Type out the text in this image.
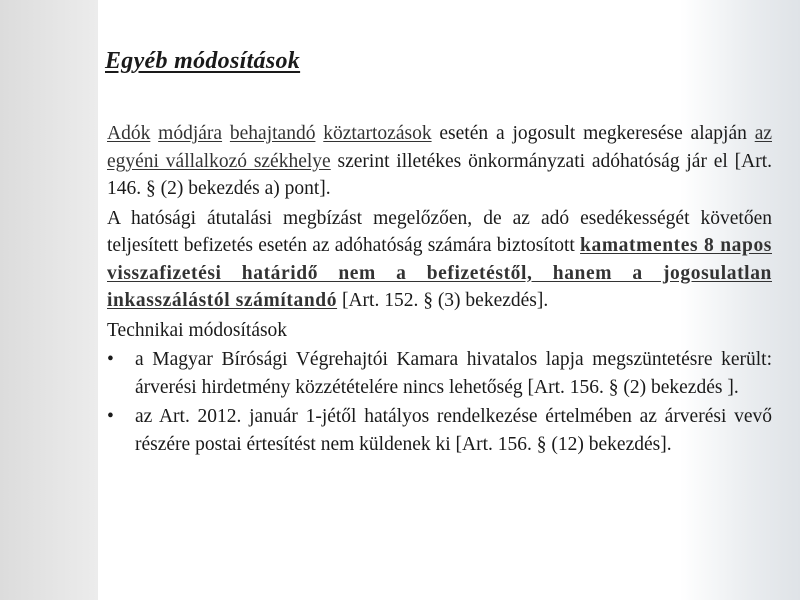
Egyéb módosítások

Adók módjára behajtandó köztartozások esetén a jogosult megkeresése alapján az egyéni vállalkozó székhelye szerint illetékes önkormányzati adóhatóság jár el [Art. 146. § (2) bekezdés a) pont].

A hatósági átutalási megbízást megelőzően, de az adó esedékességét követően teljesített befizetés esetén az adóhatóság számára biztosított kamatmentes 8 napos visszafizetési határidő nem a befizetéstől, hanem a jogosulatlan inkasszálástól számítandó [Art. 152. § (3) bekezdés].

Technikai módosítások

• a Magyar Bírósági Végrehajtói Kamara hivatalos lapja megszüntetésre került: árverési hirdetmény közzétételére nincs lehetőség [Art. 156. § (2) bekezdés ].
• az Art. 2012. január 1-jétől hatályos rendelkezése értelmében az árverési vevő részére postai értesítést nem küldenek ki [Art. 156. § (12) bekezdés].
